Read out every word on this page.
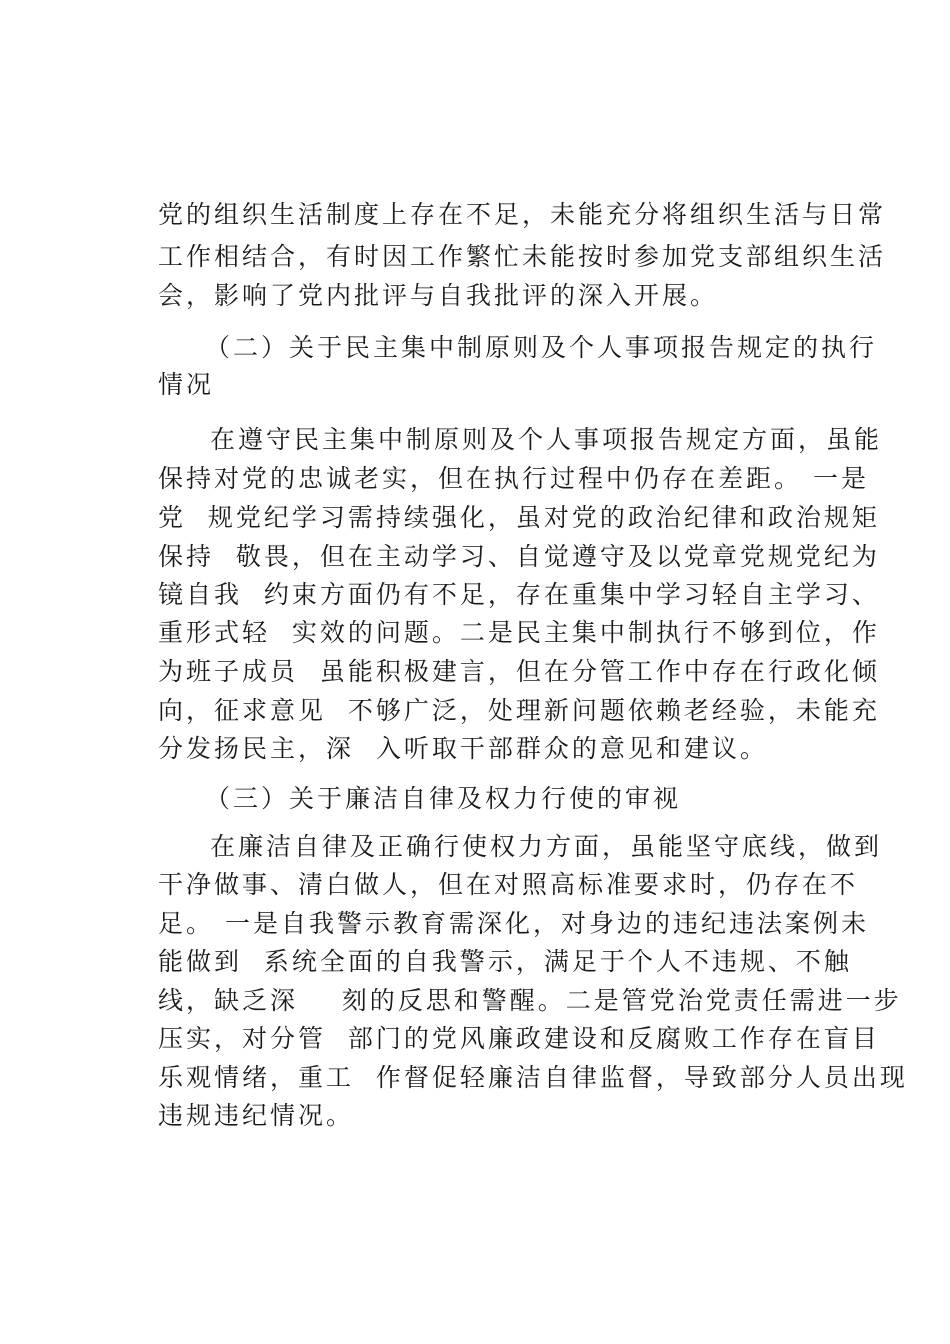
党的组织生活制度上存在不足，未能充分将组织生活与日常
工作相结合，有时因工作繁忙未能按时参加党支部组织生活
会，影响了党内批评与自我批评的深入开展。
（二）关于民主集中制原则及个人事项报告规定的执行
情况
在遵守民主集中制原则及个人事项报告规定方面，虽能
保持对党的忠诚老实，但在执行过程中仍存在差距。 一是
党  规党纪学习需持续强化，虽对党的政治纪律和政治规矩
保持  敬畏，但在主动学习、自觉遵守及以党章党规党纪为
镜自我  约束方面仍有不足，存在重集中学习轻自主学习、
重形式轻  实效的问题。二是民主集中制执行不够到位，作
为班子成员  虽能积极建言，但在分管工作中存在行政化倾
向，征求意见  不够广泛，处理新问题依赖老经验，未能充
分发扬民主，深  入听取干部群众的意见和建议。
（三）关于廉洁自律及权力行使的审视
在廉洁自律及正确行使权力方面，虽能坚守底线，做到
干净做事、清白做人，但在对照高标准要求时，仍存在不
足。 一是自我警示教育需深化，对身边的违纪违法案例未
能做到  系统全面的自我警示，满足于个人不违规、不触
线，缺乏深    刻的反思和警醒。二是管党治党责任需进一步
压实，对分管  部门的党风廉政建设和反腐败工作存在盲目
乐观情绪，重工  作督促轻廉洁自律监督，导致部分人员出现
违规违纪情况。
